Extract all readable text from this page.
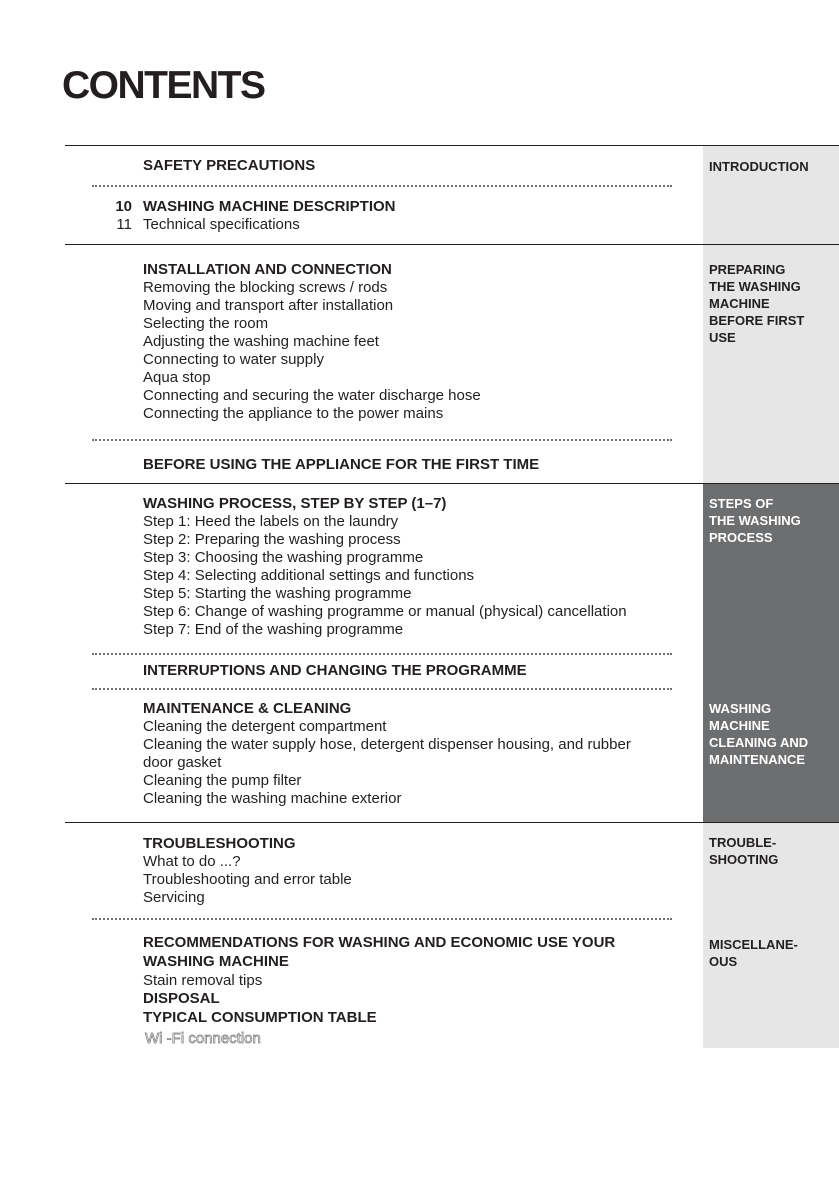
CONTENTS
INTRODUCTION
PREPARING
THE WASHING
MACHINE
BEFORE FIRST
USE
STEPS OF
THE WASHING
PROCESS
WASHING
MACHINE
CLEANING AND
MAINTENANCE
TROUBLE-
SHOOTING
MISCELLANE-
OUS
SAFETY PRECAUTIONS
10 WASHING MACHINE DESCRIPTION
11 Technical specifications
INSTALLATION AND CONNECTION
Removing the blocking screws / rods
Moving and transport after installation
Selecting the room
Adjusting the washing machine feet
Connecting to water supply
Aqua stop
Connecting and securing the water discharge hose
Connecting the appliance to the power mains
BEFORE USING THE APPLIANCE FOR THE FIRST TIME
WASHING PROCESS, STEP BY STEP (1–7)
Step 1: Heed the labels on the laundry
Step 2: Preparing the washing process
Step 3: Choosing the washing programme
Step 4: Selecting additional settings and functions
Step 5: Starting the washing programme
Step 6: Change of washing programme or manual (physical) cancellation
Step 7: End of the washing programme
INTERRUPTIONS AND CHANGING THE PROGRAMME
MAINTENANCE & CLEANING
Cleaning the detergent compartment
Cleaning the water supply hose, detergent dispenser housing, and rubber
door gasket
Cleaning the pump filter
Cleaning the washing machine exterior
TROUBLESHOOTING
What to do ...?
Troubleshooting and error table
Servicing
RECOMMENDATIONS FOR WASHING AND ECONOMIC USE YOUR
WASHING MACHINE
Stain removal tips
DISPOSAL
TYPICAL CONSUMPTION TABLE
Wi -Fi connection
